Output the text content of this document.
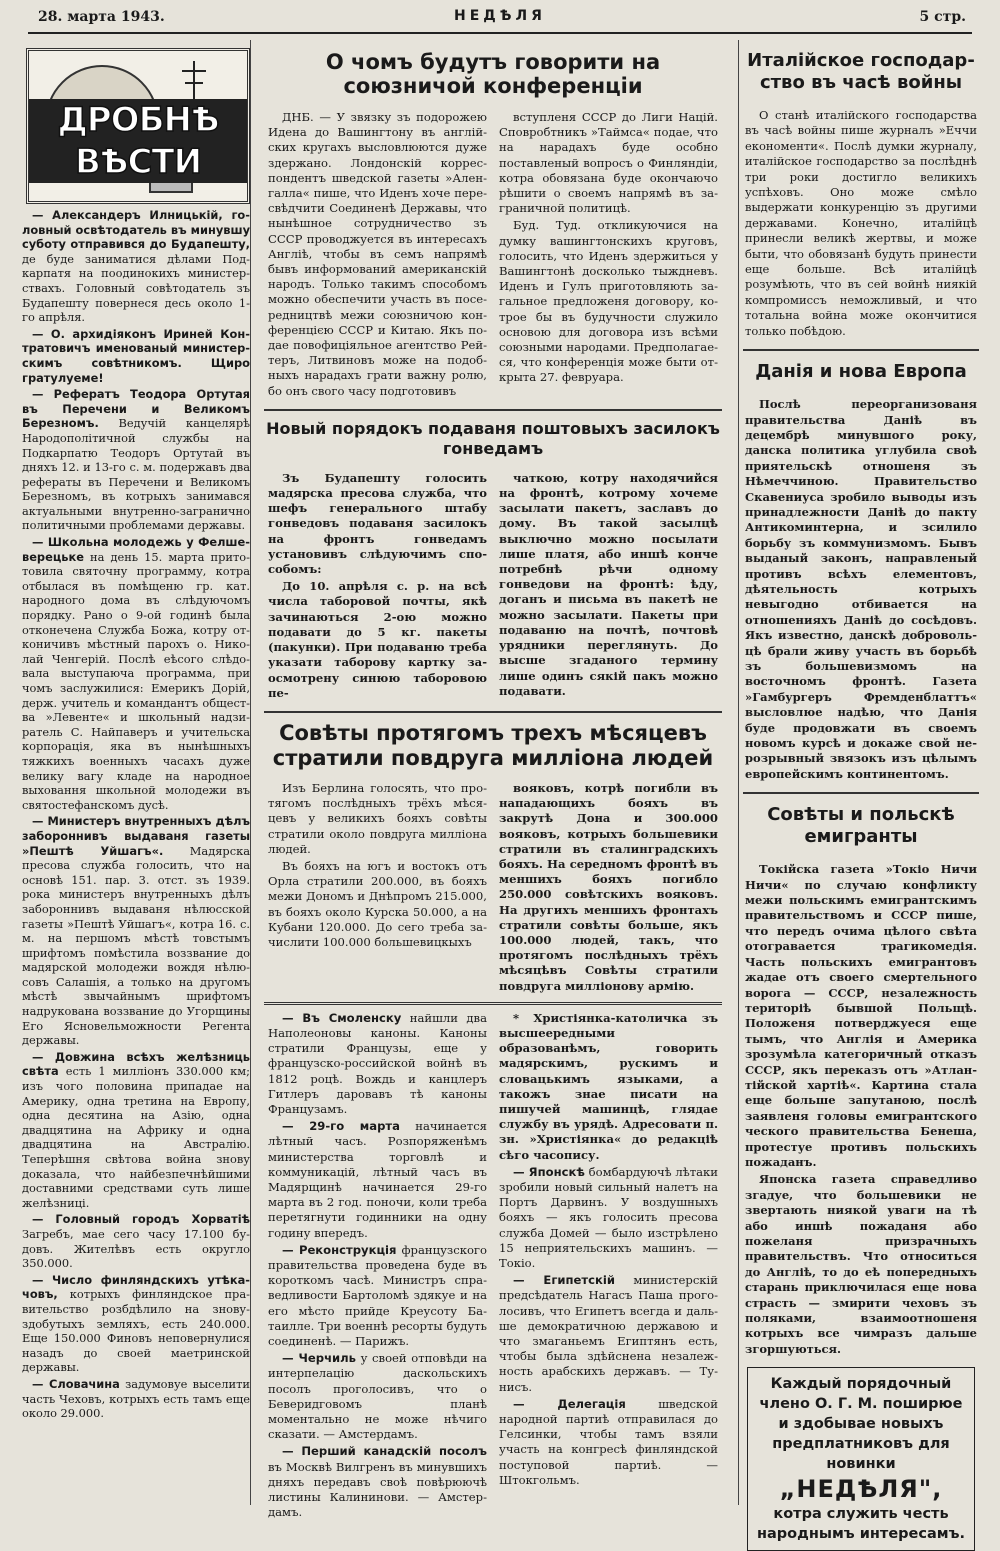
28. марта 1943.	НЕДѢЛЯ	5 стр.
ДРОБНѢ ВѢСТИ

— Александеръ Илницькій, головный освѣтодатель въ минувшу суботу отправився до Будапешту, де буде заниматися дѣлами Подкарпатя на поодинокихъ министерствахъ. Головный совѣтодатель зъ Будапешту повернеся десь около 1-го апрѣля.

— О. архидіяконъ Ириней Контратовичъ именованый министерскимъ совѣтникомъ. Щиро гратулуеме!

— Рефератъ Теодора Ортутая въ Перечени и Великомъ Березномъ. Ведучій канцелярѣ Народополітичной службы на Подкарпатю Теодоръ Ортутай въ дняхъ 12. и 13-го с. м. подержавъ два рефераты въ Перечени и Великомъ Березномъ, въ котрыхъ занимався актуальными внутренно-загранично политичными проблемами державы.

— Школьна молодежь у Фелшеверецьке на день 15. марта притотовила святочну программу, котра отбылася въ помѣщеню гр. кат. народного дома въ слѣдуючомъ порядку. Рано о 9-ой годинѣ была отконечена Служба Божа, котру отконичивъ мѣстный парохъ о. Николай Ченгерій. Послѣ еѣсого слѣдовала выступаюча программа, при чомъ заслужилися: Емерикъ Дорій, держ. учитель и командантъ общества »Левенте« и школьный надзиратель С. Найпаверъ и учительска корпорація, яка въ нынѣшныхъ тяжкихъ военныхъ часахъ дуже велику вагу кладе на народное выховання школьной молодежи въ святостефанскомъ дусѣ.

— Министеръ внутренныхъ дѣлъ забороннивъ выдаваня газеты »Пештѣ Уйшагъ«. Мадярска пресова служба голосить, что на основѣ 151. пар. 3. отст. зъ 1939. рока министеръ внутренныхъ дѣлъ забороннивъ выдаваня нѣлюсской газеты »Пештѣ Уйшагъ«, котра 16. с. м. на першомъ мѣстѣ товстымъ шрифтомъ помѣстила воззвание до мадярской молодежи вождя нѣлюсовъ Салашія, а только на другомъ мѣстѣ звычайнымъ шрифтомъ надрукована воззвание до Угорщины Его Ясновельможности Регента державы.

— Довжина всѣхъ желѣзниць свѣта есть 1 милліонъ 330.000 км; изъ чого половина припадае на Америку, одна третина на Европу, одна десятина на Азію, одна двадцятина на Африку и одна двадцятина на Австралію. Теперѣшня свѣтова война знову доказала, что найбезпечнѣйшими доставними средствами суть лише желѣзниці.

— Головный городъ Хорватіѣ Загребъ, мае сего часу 17.100 будовъ. Жителѣвъ есть округло 350.000.

— Число финляндскихъ утѣкачовъ, котрыхъ финляндское правительство розбдѣлило на зновуздобутыхъ земляхъ, есть 240.000. Еще 150.000 Финовъ неповернулися назадъ до своей маетринской державы.

— Словачина задумовуе выселити часть Чеховъ, котрыхъ есть тамъ еще около 29.000.

О чомъ будутъ говорити на союзничой конференціи

ДНБ. — У звязку зъ подорожею Идена до Вашингтону въ англійских кругахъ высловлюются дуже здержано. Лондонскій корреспондентъ шведской газеты »Аленгалла« пише, что Иденъ хоче пересвѣдчити Соединенѣ Державы, что нынѣшное сотрудничество зъ СССР проводжуется въ интересахъ Англіѣ, чтобы въ семъ напрямѣ бывъ информований американскій народъ. Только такимъ способомъ можно обеспечити участь въ посередництвѣ межи союзничою конференцією СССР и Китаю. Якъ подае повофиціяльное агентство Рейтеръ, Литвиновъ може на подобныхъ нарадахъ грати важну ролю, бо онъ свого часу подготовивъ

вступленя СССР до Лиги Націй. Сповробтникъ »Таймса« подае, что на нарадахъ буде особно поставленый вопросъ о Финляндіи, котра обовязана буде окончаючо рѣшити о своемъ напрямѣ въ заграничной политицѣ.

Буд. Туд. откликуючися на думку вашингтонскихъ круговъ, голосить, что Иденъ здержиться у Вашингтонѣ досколько тыждневъ. Иденъ и Гулъ приготовляють загальное предложеня договору, котрое бы въ будучности служило основою для договора изъ всѣми союзными народами. Предполагаеся, что конференція може быти открыта 27. февруара.

Новый порядокъ подаваня поштовыхъ засилокъ гонведамъ

Зъ Будапешту голосить мадярска пресова служба, что шефъ генерального штабу гонведовъ подаваня засилокъ на фронтъ гонведамъ установивъ слѣдуючимъ способомъ:

До 10. апрѣля с. р. на всѣ числа таборовой почты, якѣ зачинаються 2-ою можно подавати до 5 кг. пакеты (пакунки). При подаваню треба указати таборову картку заосмотрену синюю таборовою пе-

чаткою, котру находячийся на фронтѣ, котрому хочеме засылати пакетъ, заславъ до дому. Въ такой засылцѣ выключно можно посылати лише платя, або иншѣ конче потребнѣ рѣчи одному гонведови на фронтѣ: ѣду, доганъ и письма въ пакетѣ не можно засылати. Пакеты при подаваню на почтѣ, почтовѣ урядники переглянуть. До высше згаданого термину лише одинъ сякій пакъ можно подавати.

Совѣты протягомъ трехъ мѣсяцевъ стратили повдруга милліона людей

Изъ Берлина голосять, что протягомъ послѣдныхъ трёхъ мѣсяцевъ у великихъ бояхъ совѣты стратили около повдруга милліона людей.

Въ бояхъ на югъ и востокъ отъ Орла стратили 200.000, въ бояхъ межи Дономъ и Днѣпромъ 215.000, въ бояхъ около Курска 50.000, а на Кубани 120.000. До сего треба зачислити 100.000 большевицкыхъ

вояковъ, котрѣ погибли въ нападающихъ бояхъ въ закрутѣ Дона и 300.000 вояковъ, котрыхъ большевики стратили въ сталинградскихъ бояхъ. На середномъ фронтѣ въ меншихъ бояхъ погибло 250.000 совѣтскихъ вояковъ. На другихъ меншихъ фронтахъ стратили совѣты больше, якъ 100.000 людей, такъ, что протягомъ послѣдныхъ трёхъ мѣсяцѣвъ Совѣты стратили повдруга милліонову армію.

— Въ Смоленску найшли два Наполеоновы каноны. Каноны стратили Французы, еще у французско-российской войнѣ въ 1812 роцѣ. Вождь и канцлеръ Гитлеръ даровавъ тѣ каноны Французамъ.

— 29-го марта начинается лѣтный часъ. Розпоряженѣмъ министерства торговлѣ и коммуникацій, лѣтный часъ въ Мадярщинѣ начинается 29-го марта въ 2 год. поночи, коли треба перетягнути годинники на одну годину впередъ.

— Реконструкція французского правительства проведена буде въ короткомъ часѣ. Министръ справедливости Бартоломѣ здякуе и на его мѣсто прийде Креусоту Батаилле. Три военнѣ ресорты будуть соединенѣ. — Парижъ.

— Черчиль у своей отповѣди на интерпелацію даскольскихъ посолъ проголосивъ, что о Беверидговомъ планѣ моментально не може нѣчиго сказати. — Амстердамъ.

— Перший канадскій посолъ въ Москвѣ Вилгренъ въ минувшихъ дняхъ передавъ своѣ повѣрюючѣ листины Калининови. — Амстердамъ.

* Христіянка-католичка зъ высшеередными образованѣмъ, говорить мадярскимъ, рускимъ и словацькимъ языками, а такожъ знае писати на пишучей машинцѣ, глядае службу въ урядѣ. Адресовати п. зн. »Христіянка« до редакціѣ сѣго часопису.

— Японскѣ бомбардуючѣ лѣтаки зробили новый сильный налетъ на Портъ Дарвинъ. У воздушныхъ бояхъ — якъ голосить пресова служба Домей — было изстрѣлено 15 неприятельскихъ машинъ. — Токіо.

— Египетскій министерскій предсѣдатель Нагасъ Паша проголосивъ, что Египетъ всегда и дальше демократичною державою и что змаганьемъ Египтянъ есть, чтобы была здѣйснена незалежность арабскихъ державъ. — Тунисъ.

— Делегація шведской народной партиѣ отправилася до Гелсинки, чтобы тамъ взяли участь на конгресѣ финляндской поступовой партиѣ. — Штокгольмъ.

Италійское господарство въ часѣ войны

О станѣ италійского господарства въ часѣ войны пише журналъ »Еччи економенти«. Послѣ думки журналу, италійское господарство за послѣднѣ три роки достигло великихъ успѣховъ. Оно може смѣло выдержати конкуренцію зъ другими державами. Конечно, италійцѣ принесли великѣ жертвы, и може быти, что обовязанѣ будуть принести еще больше. Всѣ италійцѣ розумѣють, что въ сей войнѣ ниякій компромиссъ неможливый, и что тотальна война може окончитися только побѣдою.

Данія и нова Европа

Послѣ переорганизованя правительства Даніѣ въ децембрѣ минувшого року, данска политика углубила своѣ приятельскѣ отношеня зъ Нѣмеччиною. Правительство Скавениуса зробило выводы изъ принадлежности Даніѣ до пакту Антикоминтерна, и зсилило борьбу зъ коммунизмомъ. Бывъ выданый законъ, направленый противъ всѣхъ елементовъ, дѣятельность котрыхъ невыгодно отбивается на отношенияхъ Даніѣ до сосѣдовъ. Якъ известно, данскѣ добровольцѣ брали живу участь въ борьбѣ зъ большевизмомъ на восточномъ фронтѣ. Газета »Гамбургеръ Фремденблаттъ« высловлюе надѣю, что Данія буде продовжати въ своемъ новомъ курсѣ и докаже свой нерозрывный звязокъ изъ цѣлымъ европейскимъ континентомъ.

Совѣты и польскѣ емигранты

Токійска газета »Токіо Ничи Ничи« по случаю конфликту межи польскимъ емигрантскимъ правительствомъ и СССР пише, что передъ очима цѣлого свѣта отогравается трагикомедія. Часть польскихъ емигрантовъ жадае отъ своего смертельного ворога — СССР, незалежность територіѣ бывшой Польщѣ. Положеня потверджуеся еще тымъ, что Англія и Америка зрозумѣла категоричный отказъ СССР, якъ переказъ отъ »Атлантійской хартіѣ«. Картина стала еще больше запутаною, послѣ заявленя головы емигрантского ческого правительства Бенеша, протестуе противъ польскихъ пожаданъ.

Японска газета справедливо згадуе, что большевики не звертають ниякой уваги на тѣ або иншѣ пожаданя або пожеланя призрачныхъ правительствъ. Что относиться до Англіѣ, то до еѣ попередныхъ старань приключилася еще нова страсть — змирити чеховъ зъ поляками, взаимоотношеня котрыхъ все чимразъ дальше згоршуються.

Каждый порядочный члено О. Г. М. поширюе и здобывае новыхъ предплатниковъ для новинки
„НЕДѢЛЯ",
котра служить честь народнымъ интересамъ.
